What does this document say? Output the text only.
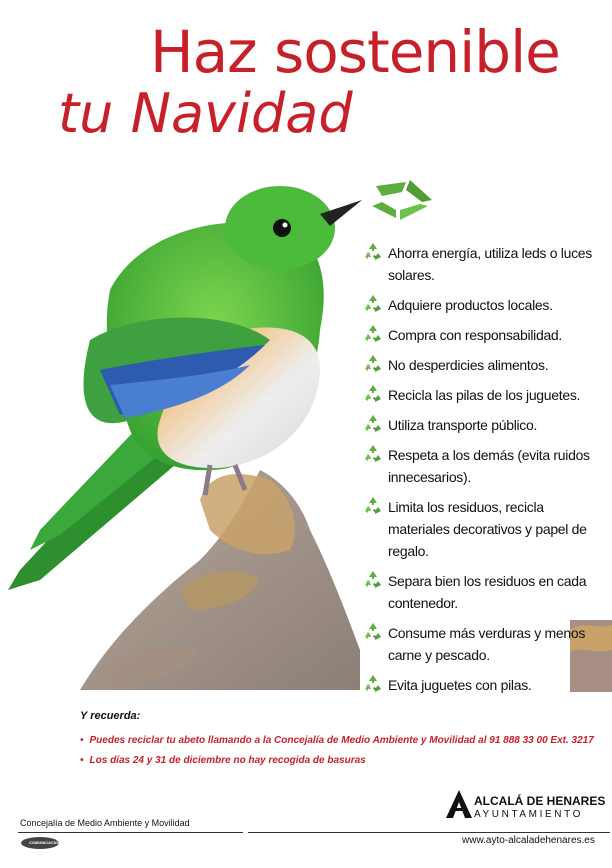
Haz sostenible
tu Navidad
Ahorra energía, utiliza leds o luces solares.
Adquiere productos locales.
Compra con responsabilidad.
No desperdicies alimentos.
Recicla las pilas de los juguetes.
Utiliza transporte público.
Respeta a los demás (evita ruidos innecesarios).
Limita los residuos, recicla materiales decorativos y papel de regalo.
Separa bien los residuos en cada contenedor.
Consume más verduras y menos carne y pescado.
Evita juguetes con pilas.
Y recuerda:
• Puedes reciclar tu abeto llamando a la Concejalía de Medio Ambiente y Movilidad al 91 888 33 00 Ext. 3217
• Los días 24 y 31 de diciembre no hay recogida de basuras
Concejalía de Medio Ambiente y Movilidad
COMUNICACIÓN
ALCALÁ DE HENARES
AYUNTAMIENTO
www.ayto-alcaladehenares.es
